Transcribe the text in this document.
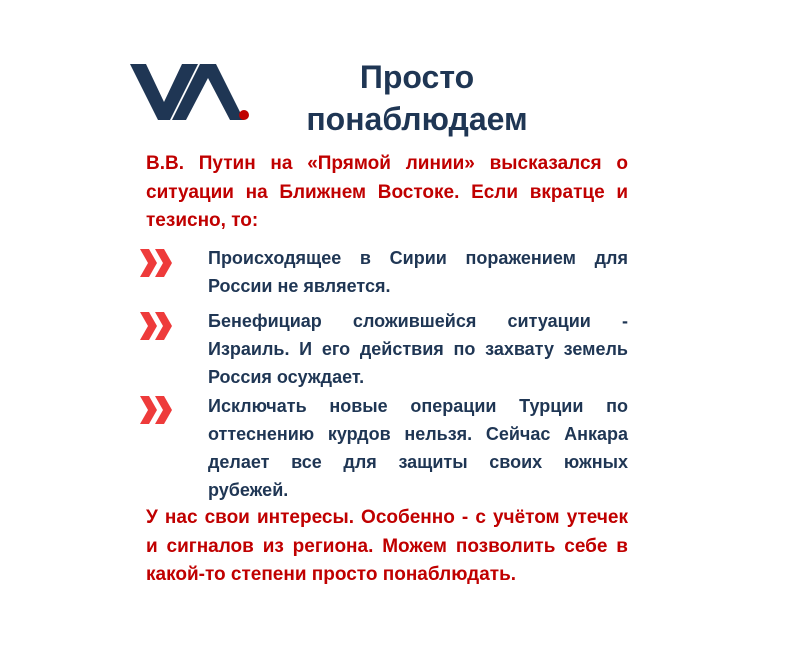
Просто
понаблюдаем
В.В. Путин на «Прямой линии» высказался о ситуации на Ближнем Востоке. Если вкратце и тезисно, то:
Происходящее в Сирии поражением для России не является.
Бенефициар сложившейся ситуации - Израиль. И его действия по захвату земель Россия осуждает.
Исключать новые операции Турции по оттеснению курдов нельзя. Сейчас Анкара делает все для защиты своих южных рубежей.
У нас свои интересы. Особенно - с учётом утечек и сигналов из региона. Можем позволить себе в какой-то степени просто понаблюдать.
